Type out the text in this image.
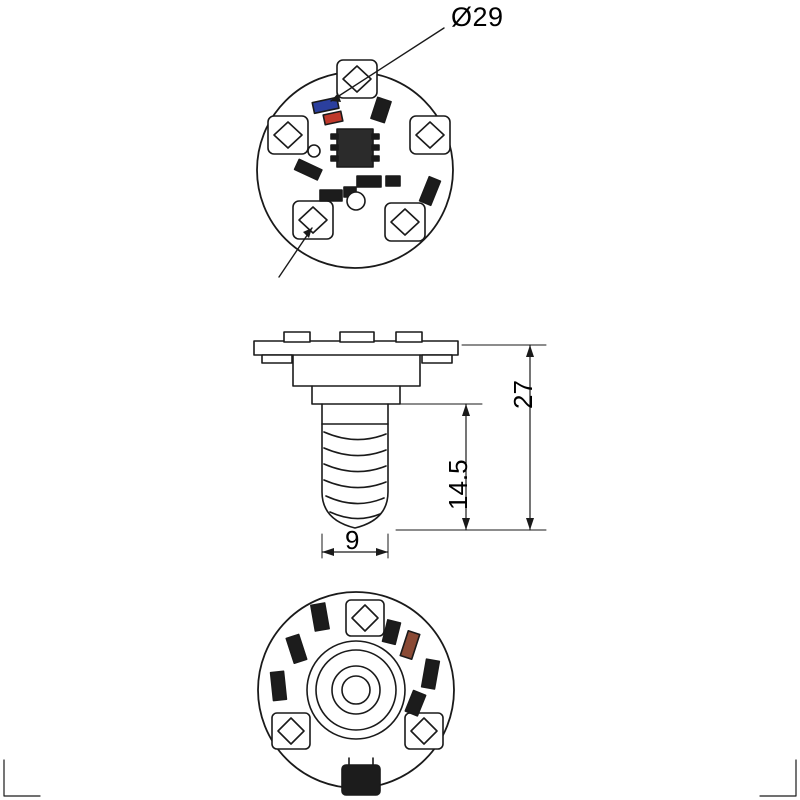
Ø29
27
14.5
9
